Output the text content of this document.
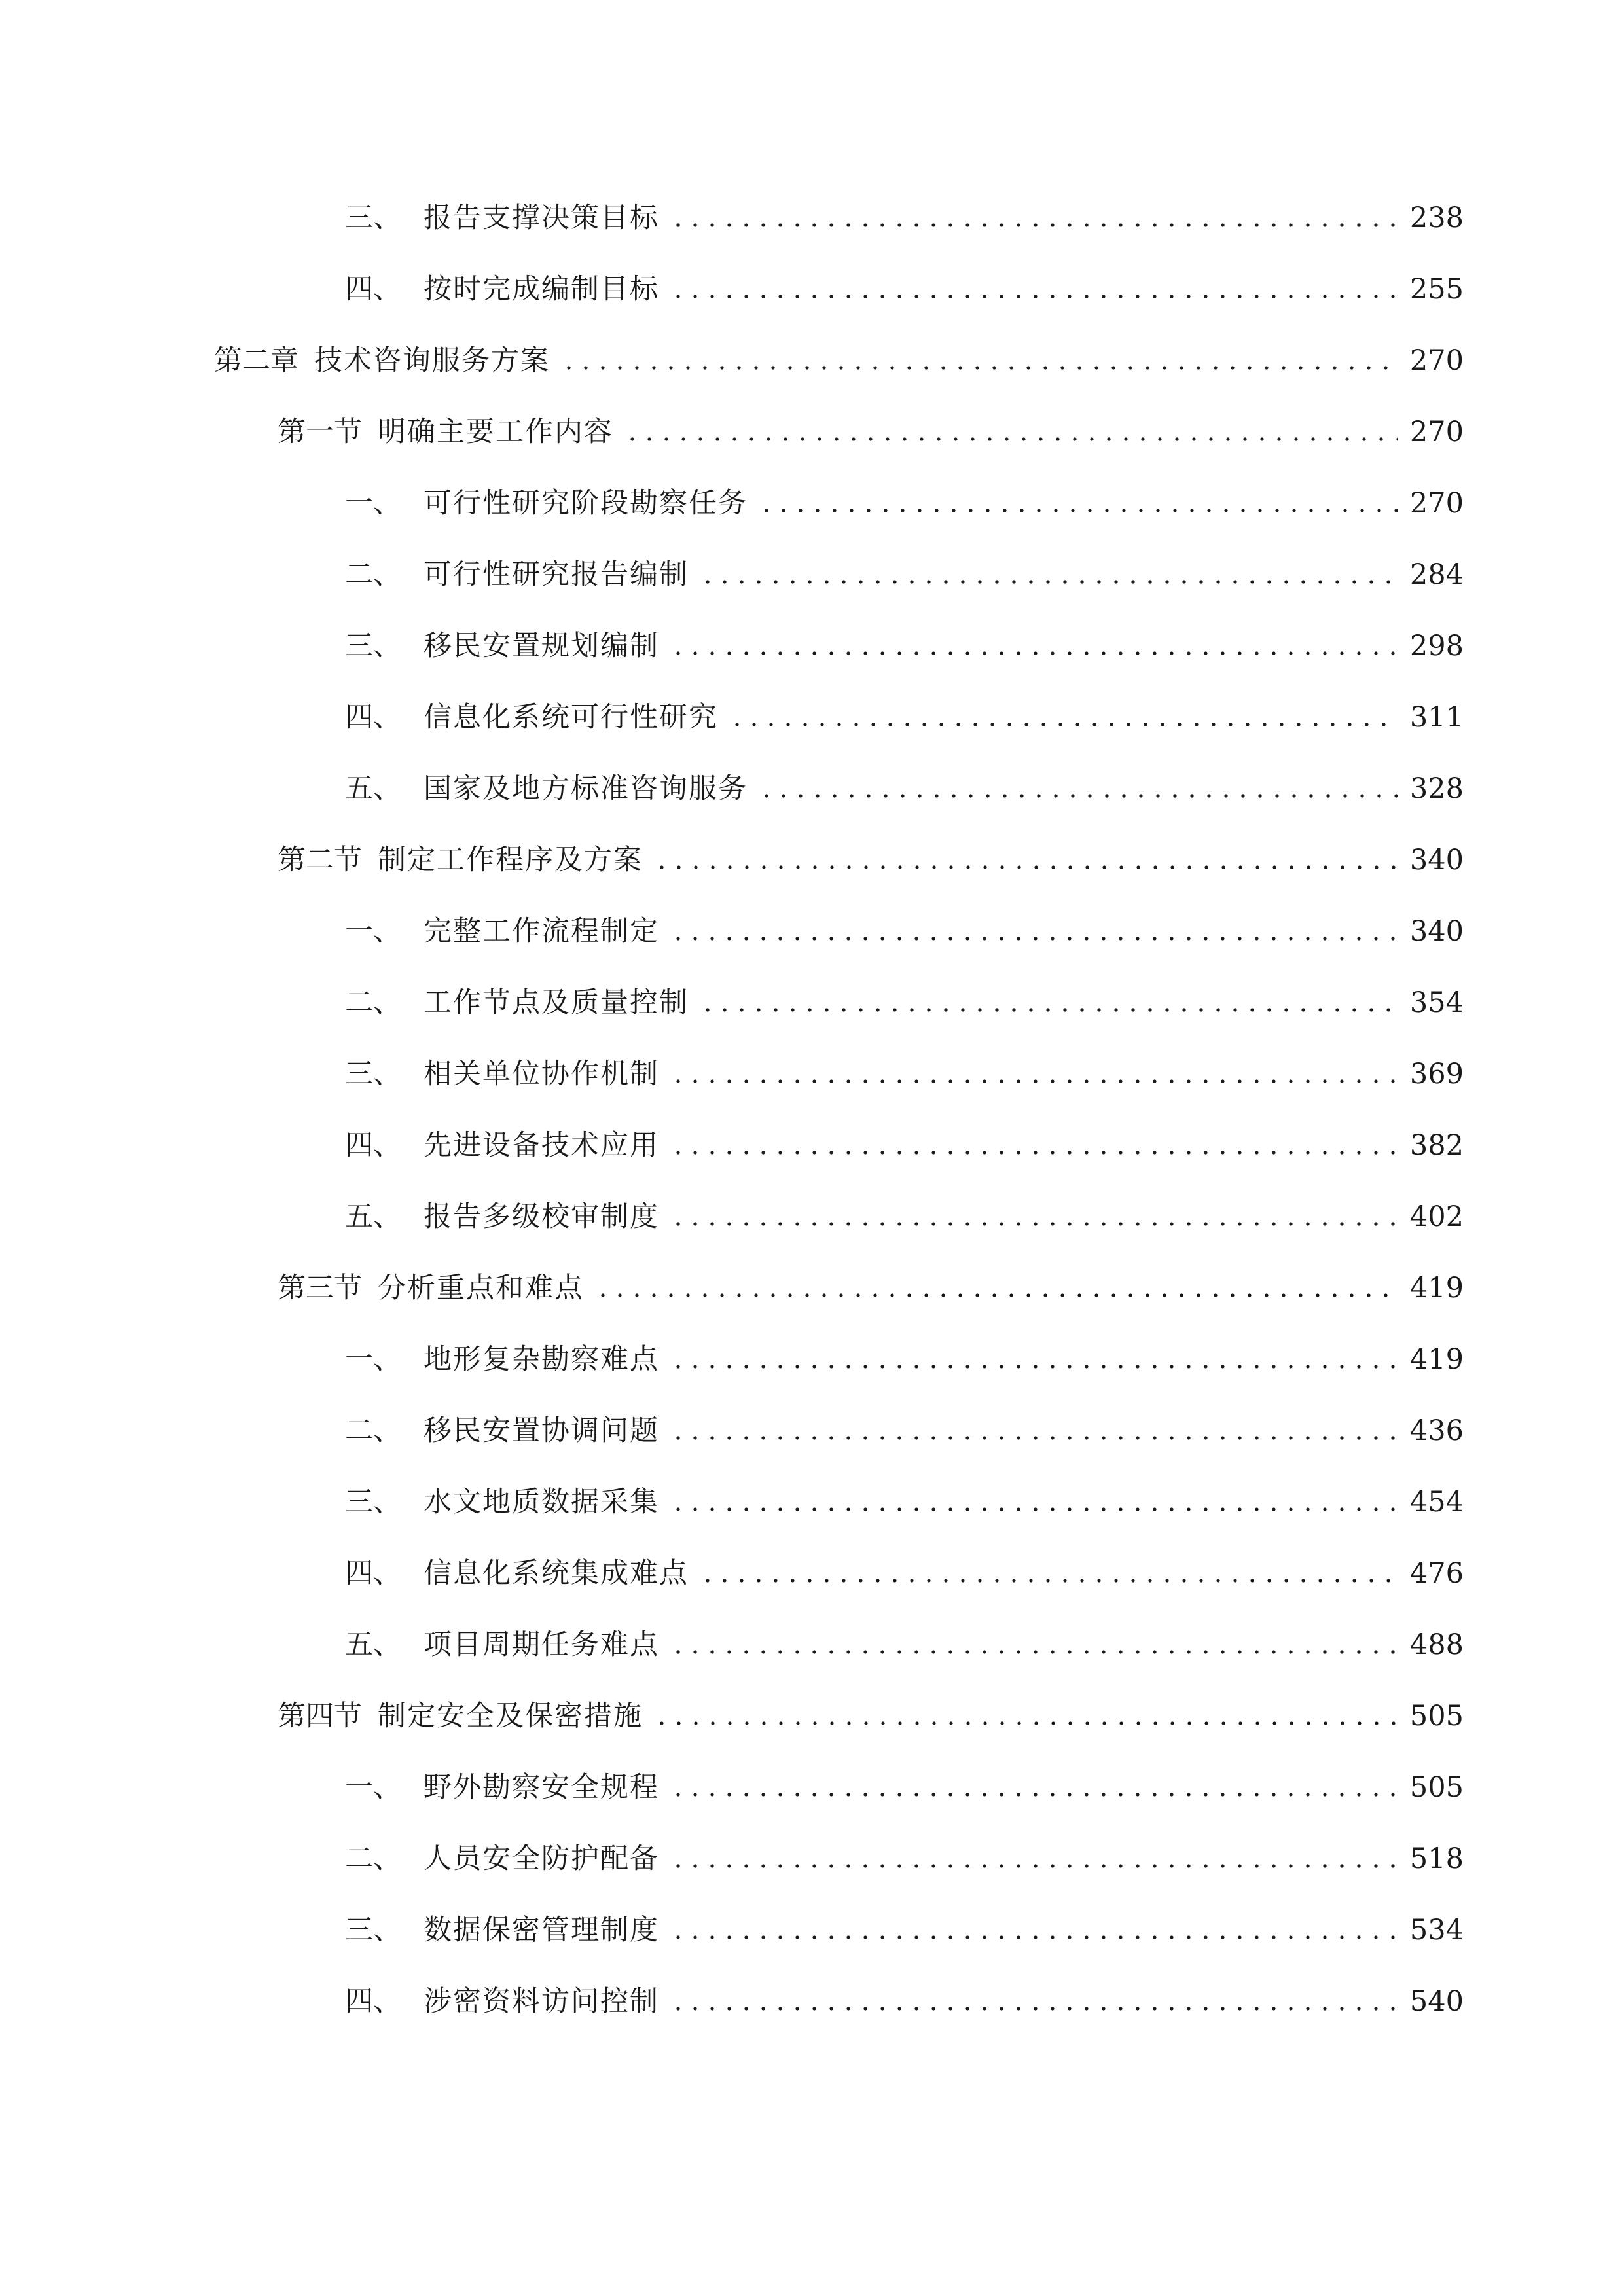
三、 报告支撑决策目标	238
四、 按时完成编制目标	255
第二章 技术咨询服务方案	270
第一节 明确主要工作内容	270
一、 可行性研究阶段勘察任务	270
二、 可行性研究报告编制	284
三、 移民安置规划编制	298
四、 信息化系统可行性研究	311
五、 国家及地方标准咨询服务	328
第二节 制定工作程序及方案	340
一、 完整工作流程制定	340
二、 工作节点及质量控制	354
三、 相关单位协作机制	369
四、 先进设备技术应用	382
五、 报告多级校审制度	402
第三节 分析重点和难点	419
一、 地形复杂勘察难点	419
二、 移民安置协调问题	436
三、 水文地质数据采集	454
四、 信息化系统集成难点	476
五、 项目周期任务难点	488
第四节 制定安全及保密措施	505
一、 野外勘察安全规程	505
二、 人员安全防护配备	518
三、 数据保密管理制度	534
四、 涉密资料访问控制	540
